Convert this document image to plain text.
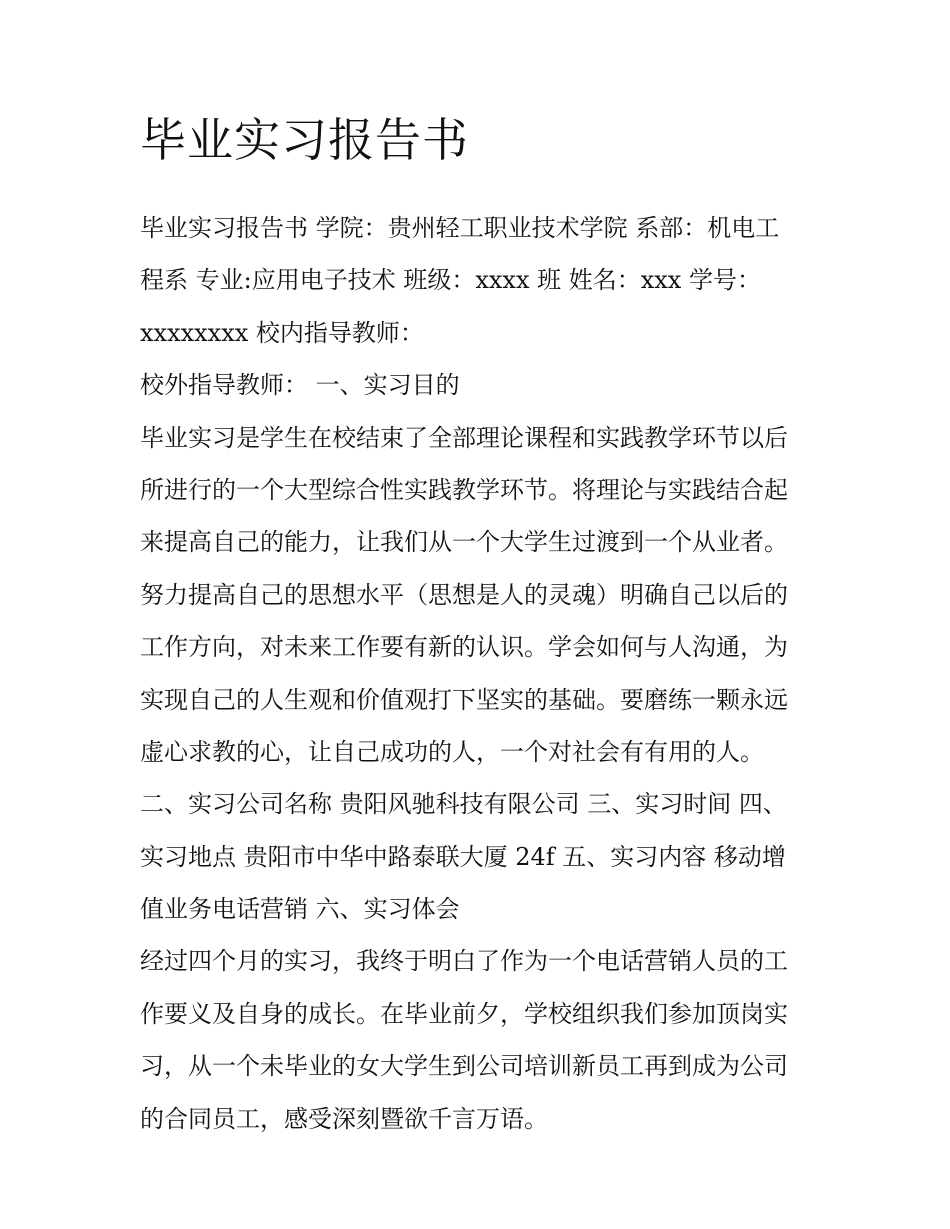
毕业实习报告书
毕业实习报告书 学院：贵州轻工职业技术学院 系部：机电工
程系 专业:应用电子技术 班级：xxxx 班 姓名：xxx 学号：
xxxxxxxx 校内指导教师：
校外指导教师： 一、实习目的
毕业实习是学生在校结束了全部理论课程和实践教学环节以后
所进行的一个大型综合性实践教学环节。将理论与实践结合起
来提高自己的能力，让我们从一个大学生过渡到一个从业者。
努力提高自己的思想水平（思想是人的灵魂）明确自己以后的
工作方向，对未来工作要有新的认识。学会如何与人沟通，为
实现自己的人生观和价值观打下坚实的基础。要磨练一颗永远
虚心求教的心，让自己成功的人，一个对社会有有用的人。
二、实习公司名称 贵阳风驰科技有限公司 三、实习时间 四、
实习地点 贵阳市中华中路泰联大厦 24f 五、实习内容 移动增
值业务电话营销 六、实习体会
经过四个月的实习，我终于明白了作为一个电话营销人员的工
作要义及自身的成长。在毕业前夕，学校组织我们参加顶岗实
习，从一个未毕业的女大学生到公司培训新员工再到成为公司
的合同员工，感受深刻暨欲千言万语。
